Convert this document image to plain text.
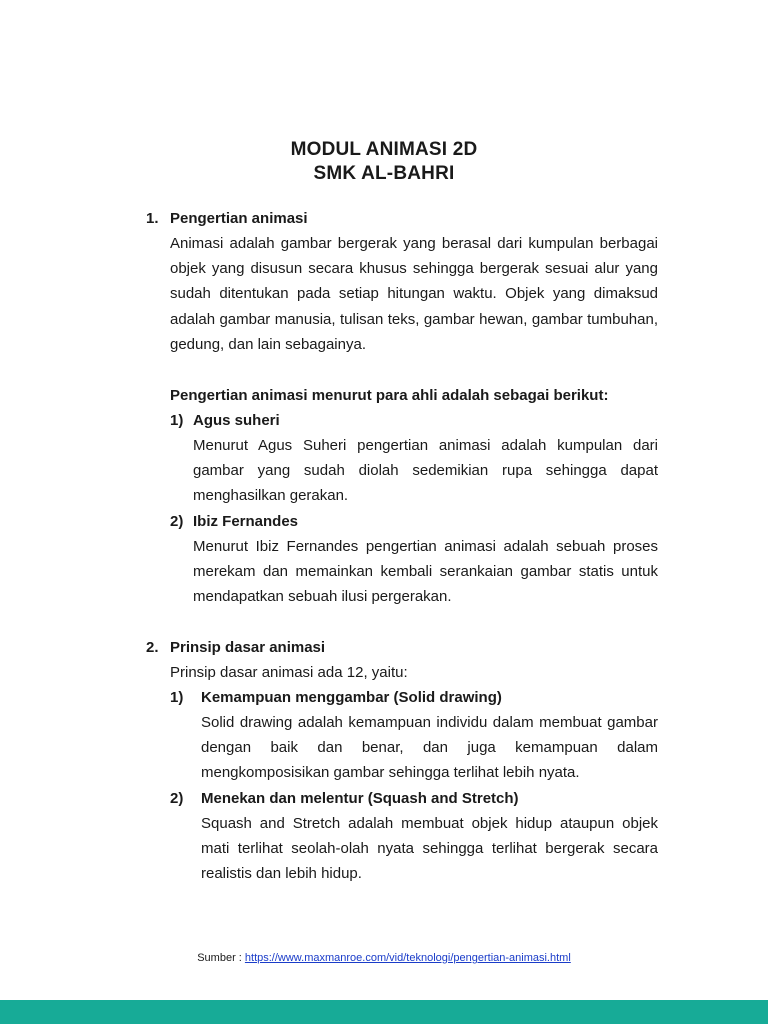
MODUL ANIMASI 2D
SMK AL-BAHRI
1. Pengertian animasi
Animasi adalah gambar bergerak yang berasal dari kumpulan berbagai objek yang disusun secara khusus sehingga bergerak sesuai alur yang sudah ditentukan pada setiap hitungan waktu. Objek yang dimaksud adalah gambar manusia, tulisan teks, gambar hewan, gambar tumbuhan, gedung, dan lain sebagainya.
Pengertian animasi menurut para ahli adalah sebagai berikut:
1) Agus suheri
Menurut Agus Suheri pengertian animasi adalah kumpulan dari gambar yang sudah diolah sedemikian rupa sehingga dapat menghasilkan gerakan.
2) Ibiz Fernandes
Menurut Ibiz Fernandes pengertian animasi adalah sebuah proses merekam dan memainkan kembali serankaian gambar statis untuk mendapatkan sebuah ilusi pergerakan.
2. Prinsip dasar animasi
Prinsip dasar animasi ada 12, yaitu:
1) Kemampuan menggambar (Solid drawing)
Solid drawing adalah kemampuan individu dalam membuat gambar dengan baik dan benar, dan juga kemampuan dalam mengkomposisikan gambar sehingga terlihat lebih nyata.
2) Menekan dan melentur (Squash and Stretch)
Squash and Stretch adalah membuat objek hidup ataupun objek mati terlihat seolah-olah nyata sehingga terlihat bergerak secara realistis dan lebih hidup.
Sumber : https://www.maxmanroe.com/vid/teknologi/pengertian-animasi.html
